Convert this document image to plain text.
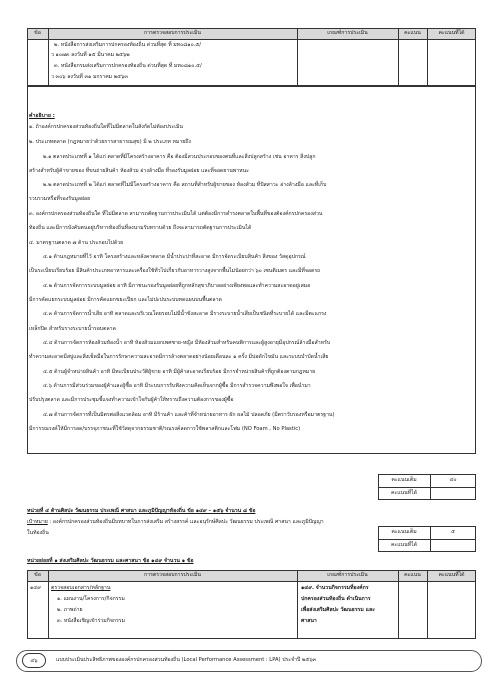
ข้อ	การตรวจสอบการประเมิน	เกณฑ์การประเมิน	คะแนน	คะแนนที่ได้
๒. หนังสือการส่งเสริมการปกครองท้องถิ่น ด่วนที่สุด ที่ มท๐๘๑๐.๕/
ว ๑๐๗๓ ลงวันที่ ๑๕ มีนาคม ๒๕๖๒
๓. หนังสือกรมส่งเสริมการปกครองท้องถิ่น ด่วนที่สุด ที่ มท๐๘๑๐.๕/
ว ๓๐๖ ลงวันที่ ๓๑ มกราคม ๒๕๖๓
คำอธิบาย :
๑. ถ้าองค์กรปกครองส่วนท้องถิ่นใดที่ไม่มีตลาดในสังกัดไม่ต้องประเมิน
๒. ประเภทตลาด (กฎหมายว่าด้วยการสาธารณสุข) มี ๒ ประเภท หมายถึง
๒.๑ ตลาดประเภทที่ ๑ ได้แก่ ตลาดที่มีโครงสร้างอาคาร คือ ต้องมีสวนประกอบของตนที่และสิ่งปลูกสร้าง เช่น อาคาร สิ่งปลูก
สร้างสำหรับผู้ค้าขายของ ที่ขนถ่ายสินค้า ห้องส้วม อ่างล้างมือ ที่รองรับมูลฝอย และที่จอดยานพาหนะ
๒.๒ ตลาดประเภทที่ ๒ ได้แก่ ตลาดที่ไม่มีโครงสร้างอาคาร คือ สถานที่สำหรับผู้ขายของ ห้องส้วม ที่ปัสสาวะ อ่างล้างมือ และที่เก็บ
รวบรวมหรือที่รองรับมูลฝอย
๓. องค์กรปกครองส่วนท้องถิ่นใด ที่ไม่มีตลาด สามารถตัดฐานการประเมินได้ แต่ต้องมีการดำรงตลาดในพื้นที่ของต้องค์กรปกครองส่วน
ท้องถิ่น และมีการบังคับตนอยู่บริหารท้องถิ่นที่ลงนามรับทราบด้วย ถึงจะสามารถตัดฐานการประเมินได้
๔. มาตรฐานตลาด ๗ ด้าน ประกอบไปด้วย
๔.๑ ด้านกฎหมายที่ไว้ อาทิ โครงสร้างและหลังคาตลาด มีน้ำประปาที่สะอาด มีการจัดระเบียบสินค้า สิ่งของ วัสดุอุปกรณ์
เป็นระเบียบเรียบร้อย มีสินค้าประเภทอาหารและเครื่องใช้ทั่วไปเกี่ยวกับอาหารวางสูงจากพื้นไม่น้อยกว่า ๖๐ เซนติเมตร และมีที่จอดรถ
๔.๒ ด้านการจัดการระบบมูลฝอย อาทิ มีภาชนะรองรับมูลฝอยที่ถูกหลักสุขาภิบาลอย่างเพียงพอและทำความสะอาดอยู่เสมอ
มีการคัดแยกระบบมูลฝอย มีการคัดแยกขยะเปียก และไม่ปะปนระบบทดแผนบนพื้นตลาด
๔.๓ ด้านการจัดการน้ำเสีย อาทิ ตลาดและบริเวณโดยรอบไม่มีน้ำขังสะอาด มีรางระบายน้ำเสียเป็นชนิดที่ระบายได้ และมีตะแกรง
เหล็กปิด สำหรับรางระบายน้ำรอบตลาด
๔.๔ ด้านการจัดการห้องส้วมห้องน้ำ อาทิ ห้องส้วมแยกเพศชาย-หญิง มีห้องส้วมสำหรับคนพิการและผู้สูงอายุมีอุปกรณ์ล้างมือสำหรับ
ทำความสะอาดมีสบู่และสิ่งเช็ดมือในการรักษาความสะอาดมีการล้างตลาดอย่างน้อยเดือนละ ๑ ครั้ง มีบ่อดักไขมัน และระบบบำบัดน้ำเสีย
๔.๕ ด้านผู้จำหน่ายสินค้า อาทิ มีทะเบียนประวัติผู้ขาย อาทิ มีผู้ค้าสะอาดเรียบร้อย มีการจำหน่ายสินค้าที่ถูกต้องตามกฎหมาย
๔.๖ ด้านการมีส่วนร่วมของผู้ค้าและผู้ซื้อ อาทิ มีระบบการรับฟังความคิดเห็นจากผู้ซื้อ มีการสำรวจความพึงพอใจ เพื่อนำมา
ปรับปรุงตลาด และมีการประชุมชี้แจงทำความเข้าใจกับผู้ค้าให้ทราบถึงความต้องการของผู้ซื้อ
๔.๗ ด้านการจัดการที่เป็นมิตรต่อสิ่งแวดล้อม อาทิ มีร้านค้า และค้าที่จำหน่ายอาหาร ผัก ผลไม้ ปลอดภัย (มีตราวับรองหรือมาตรฐาน)
มีการรณรงค์ให้มีการลด/บรรจุภาชนะที่ใช้วัสดุจากธรรมชาติ/รณรงค์ลดการใช้พลาสติกและโฟม (NO Foam , No Plastic)
คะแนนเต็ม	๔๐
คะแนนที่ได้
หน่วยที่ ๔ ด้านศิลปะ วัฒนธรรม ประเพณี ศาสนา และภูมิปัญญาท้องถิ่น ข้อ ๑๔๙ – ๑๕๖ จำนวน ๘ ข้อ
เป้าหมาย : องค์กรปกครองส่วนท้องถิ่นมีบทบาทในการส่งเสริม สร้างสรรค์ และอนุรักษ์ศิลปะ วัฒนธรรม ประเพณี ศาสนา และภูมิปัญญา
ในท้องถิ่น	คะแนนเต็ม	๕
คะแนนที่ได้
หน่วยย่อยที่ ๑ ส่งเสริมศิลปะ วัฒนธรรม และศาสนา ข้อ ๑๔๙ จำนวน ๑ ข้อ
ข้อ	การตรวจสอบการประเมิน	เกณฑ์การประเมิน	คะแนน	คะแนนที่ได้
๑๔๙ ตรวจสอบเอกสาร/หลักฐาน
๑. แผนงาน/โครงการ/กิจกรรม
๒. ภาพถ่าย
๓. หนังสือเชิญเข้าร่วมกิจกรรม
๑๔๙. จำนวนกิจกรรมที่องค์กร
ปกครองส่วนท้องถิ่น ดำเนินการ
เพื่อส่งเสริมศิลปะ วัฒนธรรม และ
ศาสนา
๔๖	แบบประเมินประสิทธิภาพขององค์กรปกครองส่วนท้องถิ่น (Local Performance Assessment : LPA) ประจำปี ๒๕๖๓
